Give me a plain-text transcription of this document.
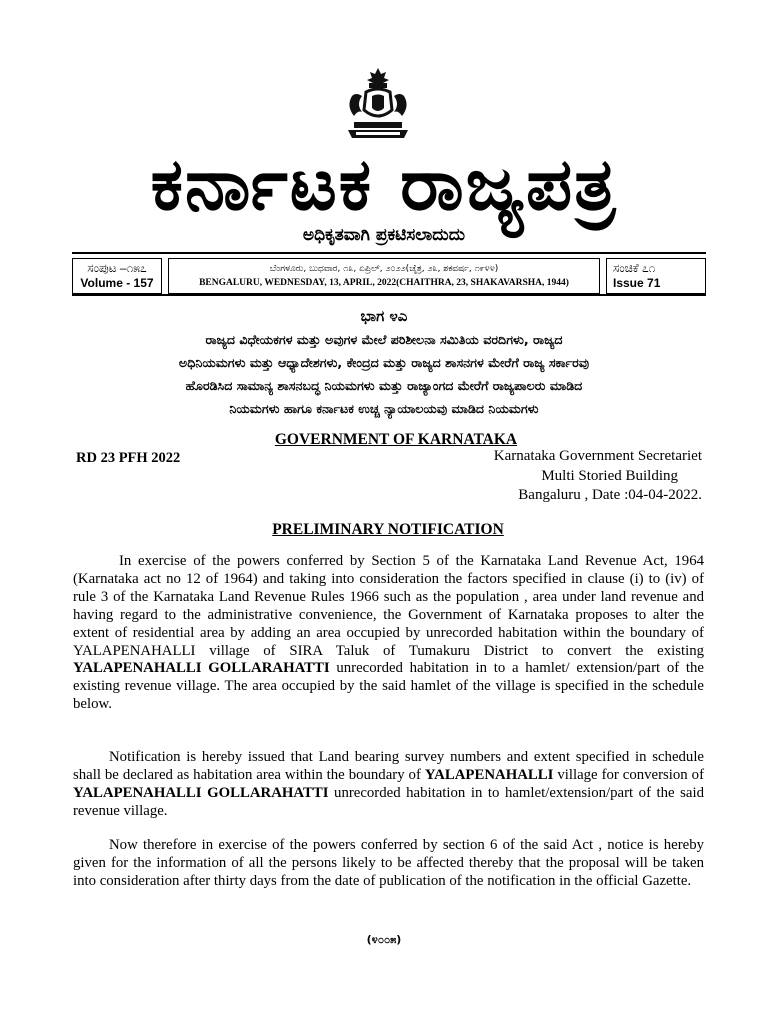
ಕರ್ನಾಟಕ ರಾಜ್ಯಪತ್ರ
ಅಧಿಕೃತವಾಗಿ ಪ್ರಕಟಿಸಲಾದುದು
ಸಂಪುಟ –೧೫೭
Volume - 157
ಬೆಂಗಳೂರು, ಬುಧವಾರ, ೧೩, ಏಪ್ರಿಲ್, ೨೦೨೨(ಚೈತ್ರ, ೨೩, ಶಕವರ್ಷ, ೧೯೪೪)
BENGALURU, WEDNESDAY, 13, APRIL, 2022(CHAITHRA, 23, SHAKAVARSHA, 1944)
ಸಂಚಿಕೆ ೭೧
Issue 71
ಭಾಗ ೪ಎ
ರಾಜ್ಯದ ವಿಧೇಯಕಗಳ ಮತ್ತು ಅವುಗಳ ಮೇಲೆ ಪರಿಶೀಲನಾ ಸಮಿತಿಯ ವರದಿಗಳು, ರಾಜ್ಯದ
ಅಧಿನಿಯಮಗಳು ಮತ್ತು ಆಧ್ಯಾದೇಶಗಳು, ಕೇಂದ್ರದ ಮತ್ತು ರಾಜ್ಯದ ಶಾಸನಗಳ ಮೇರೆಗೆ ರಾಜ್ಯ ಸರ್ಕಾರವು
ಹೊರಡಿಸಿದ ಸಾಮಾನ್ಯ ಶಾಸನಬದ್ಧ ನಿಯಮಗಳು ಮತ್ತು ರಾಜ್ಯಾಂಗದ ಮೇರೆಗೆ ರಾಜ್ಯಪಾಲರು ಮಾಡಿದ
ನಿಯಮಗಳು ಹಾಗೂ ಕರ್ನಾಟಕ ಉಚ್ಚ ನ್ಯಾಯಾಲಯವು ಮಾಡಿದ ನಿಯಮಗಳು
GOVERNMENT OF KARNATAKA
RD 23 PFH 2022	Karnataka Government Secretariet
Multi Storied Building
Bangaluru , Date :04-04-2022.
PRELIMINARY NOTIFICATION
In exercise of the powers conferred by Section 5 of the Karnataka Land Revenue Act, 1964 (Karnataka act no 12 of 1964) and taking into consideration the factors specified in clause (i) to (iv) of rule 3 of the Karnataka Land Revenue Rules 1966 such as the population , area under land revenue and having regard to the administrative convenience, the Government of Karnataka proposes to alter the extent of residential area by adding an area occupied by unrecorded habitation within the boundary of YALAPENAHALLI village of SIRA Taluk of Tumakuru District to convert the existing YALAPENAHALLI GOLLARAHATTI unrecorded habitation in to a hamlet/ extension/part of the existing revenue village. The area occupied by the said hamlet of the village is specified in the schedule below.
Notification is hereby issued that Land bearing survey numbers and extent specified in schedule shall be declared as habitation area within the boundary of YALAPENAHALLI village for conversion of YALAPENAHALLI GOLLARAHATTI unrecorded habitation in to hamlet/extension/part of the said revenue village.
Now therefore in exercise of the powers conferred by section 6 of the said Act , notice is hereby given for the information of all the persons likely to be affected thereby that the proposal will be taken into consideration after thirty days from the date of publication of the notification in the official Gazette.
(೪೦೦೫)
